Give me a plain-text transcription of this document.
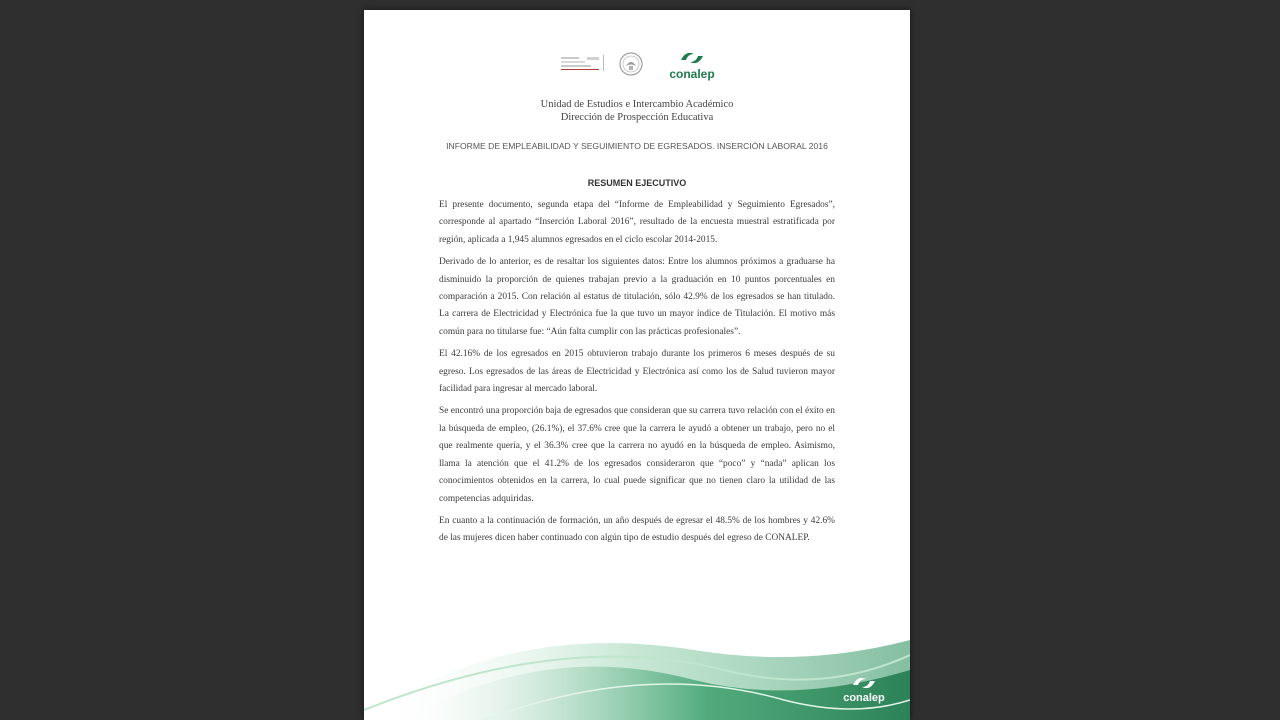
conalep
Unidad de Estudios e Intercambio Académico
Dirección de Prospección Educativa
INFORME DE EMPLEABILIDAD Y SEGUIMIENTO DE EGRESADOS. INSERCIÓN LABORAL 2016
RESUMEN EJECUTIVO

El presente documento, segunda etapa del “Informe de Empleabilidad y Seguimiento Egresados”, corresponde al apartado “Inserción Laboral 2016”, resultado de la encuesta muestral estratificada por región, aplicada a 1,945 alumnos egresados en el ciclo escolar 2014-2015.

Derivado de lo anterior, es de resaltar los siguientes datos: Entre los alumnos próximos a graduarse ha disminuido la proporción de quienes trabajan previo a la graduación en 10 puntos porcentuales en comparación a 2015. Con relación al estatus de titulación, sólo 42.9% de los egresados se han titulado. La carrera de Electricidad y Electrónica fue la que tuvo un mayor índice de Titulación. El motivo más común para no titularse fue: “Aún falta cumplir con las prácticas profesionales”.

El 42.16% de los egresados en 2015 obtuvieron trabajo durante los primeros 6 meses después de su egreso. Los egresados de las áreas de Electricidad y Electrónica así como los de Salud tuvieron mayor facilidad para ingresar al mercado laboral.

Se encontró una proporción baja de egresados que consideran que su carrera tuvo relación con el éxito en la búsqueda de empleo, (26.1%), el 37.6% cree que la carrera le ayudó a obtener un trabajo, pero no el que realmente quería, y el 36.3% cree que la carrera no ayudó en la búsqueda de empleo. Asimismo, llama la atención que el 41.2% de los egresados consideraron que “poco” y “nada” aplican los conocimientos obtenidos en la carrera, lo cual puede significar que no tienen claro la utilidad de las competencias adquiridas.

En cuanto a la continuación de formación, un año después de egresar el 48.5% de los hombres y 42.6% de las mujeres dicen haber continuado con algún tipo de estudio después del egreso de CONALEP.

conalep
